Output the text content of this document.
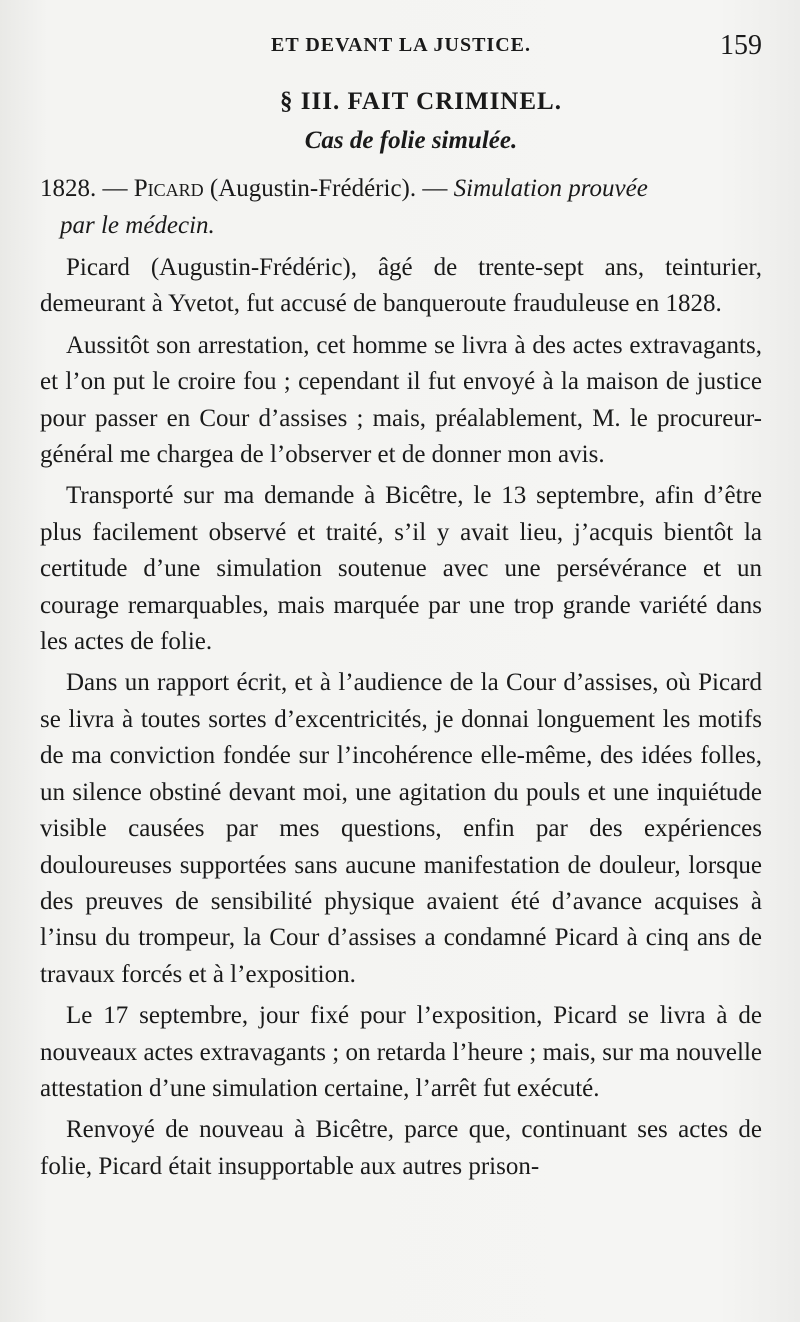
ET DEVANT LA JUSTICE.	159
§ III. FAIT CRIMINEL.
Cas de folie simulée.
1828. — Picard (Augustin-Frédéric). — Simulation prouvée
par le médecin.

Picard (Augustin-Frédéric), âgé de trente-sept ans, teinturier, demeurant à Yvetot, fut accusé de banqueroute frauduleuse en 1828.

Aussitôt son arrestation, cet homme se livra à des actes extravagants, et l’on put le croire fou ; cependant il fut envoyé à la maison de justice pour passer en Cour d’assises ; mais, préalablement, M. le procureur-général me chargea de l’observer et de donner mon avis.

Transporté sur ma demande à Bicêtre, le 13 septembre, afin d’être plus facilement observé et traité, s’il y avait lieu, j’acquis bientôt la certitude d’une simulation soutenue avec une persévérance et un courage remarquables, mais marquée par une trop grande variété dans les actes de folie.

Dans un rapport écrit, et à l’audience de la Cour d’assises, où Picard se livra à toutes sortes d’excentricités, je donnai longuement les motifs de ma conviction fondée sur l’incohérence elle-même, des idées folles, un silence obstiné devant moi, une agitation du pouls et une inquiétude visible causées par mes questions, enfin par des expériences douloureuses supportées sans aucune manifestation de douleur, lorsque des preuves de sensibilité physique avaient été d’avance acquises à l’insu du trompeur, la Cour d’assises a condamné Picard à cinq ans de travaux forcés et à l’exposition.

Le 17 septembre, jour fixé pour l’exposition, Picard se livra à de nouveaux actes extravagants ; on retarda l’heure ; mais, sur ma nouvelle attestation d’une simulation certaine, l’arrêt fut exécuté.

Renvoyé de nouveau à Bicêtre, parce que, continuant ses actes de folie, Picard était insupportable aux autres prison-
